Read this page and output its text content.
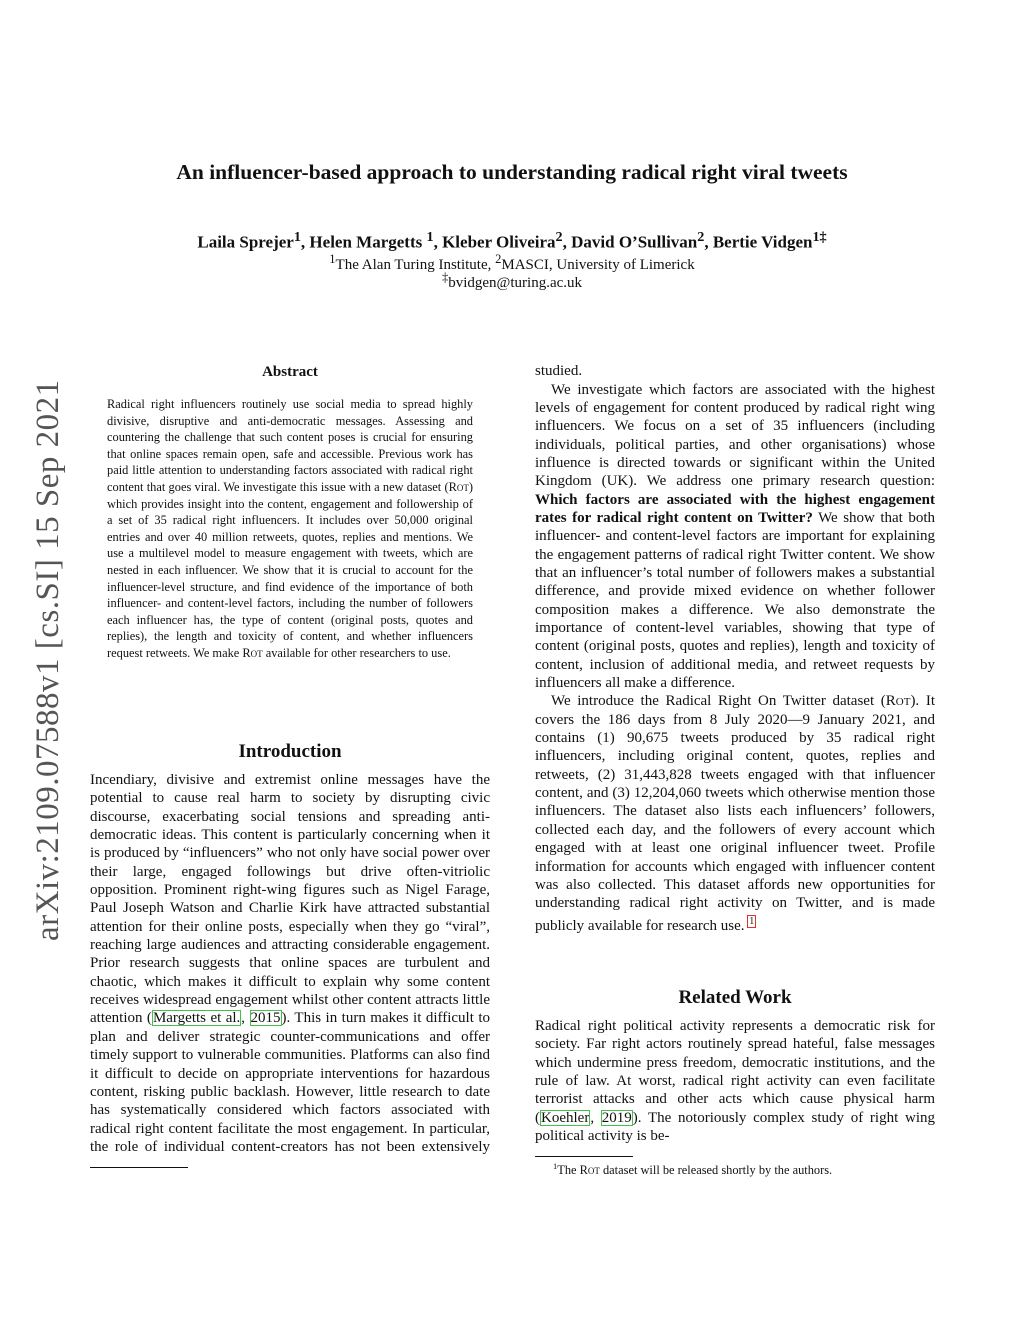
arXiv:2109.07588v1 [cs.SI] 15 Sep 2021
An influencer-based approach to understanding radical right viral tweets
Laila Sprejer$^1$, Helen Margetts $^1$, Kleber Oliveira$^2$, David O’Sullivan$^2$, Bertie Vidgen$^{1\ddagger}$
$^1$The Alan Turing Institute, $^2$MASCI, University of Limerick
‡bvidgen@turing.ac.uk
Abstract

Radical right influencers routinely use social media to spread highly divisive, disruptive and anti-democratic messages. Assessing and countering the challenge that such content poses is crucial for ensuring that online spaces remain open, safe and accessible. Previous work has paid little attention to understanding factors associated with radical right content that goes viral. We investigate this issue with a new dataset (Rot) which provides insight into the content, engagement and followership of a set of 35 radical right influencers. It includes over 50,000 original entries and over 40 million retweets, quotes, replies and mentions. We use a multilevel model to measure engagement with tweets, which are nested in each influencer. We show that it is crucial to account for the influencer-level structure, and find evidence of the importance of both influencer- and content-level factors, including the number of followers each influencer has, the type of content (original posts, quotes and replies), the length and toxicity of content, and whether influencers request retweets. We make Rot available for other researchers to use.

Introduction

Incendiary, divisive and extremist online messages have the potential to cause real harm to society by disrupting civic discourse, exacerbating social tensions and spreading anti-democratic ideas. This content is particularly concerning when it is produced by “influencers” who not only have social power over their large, engaged followings but drive often-vitriolic opposition. Prominent right-wing figures such as Nigel Farage, Paul Joseph Watson and Charlie Kirk have attracted substantial attention for their online posts, especially when they go “viral”, reaching large audiences and attracting considerable engagement. Prior research suggests that online spaces are turbulent and chaotic, which makes it difficult to explain why some content receives widespread engagement whilst other content attracts little attention (Margetts et al., 2015). This in turn makes it difficult to plan and deliver strategic counter-communications and offer timely support to vulnerable communities. Platforms can also find it difficult to decide on appropriate interventions for hazardous content, risking public backlash. However, little research to date has systematically considered which factors associated with radical right content facilitate the most engagement. In particular, the role of individual content-creators has not been extensively

studied.
We investigate which factors are associated with the highest levels of engagement for content produced by radical right wing influencers. We focus on a set of 35 influencers (including individuals, political parties, and other organisations) whose influence is directed towards or significant within the United Kingdom (UK). We address one primary research question: Which factors are associated with the highest engagement rates for radical right content on Twitter? We show that both influencer- and content-level factors are important for explaining the engagement patterns of radical right Twitter content. We show that an influencer’s total number of followers makes a substantial difference, and provide mixed evidence on whether follower composition makes a difference. We also demonstrate the importance of content-level variables, showing that type of content (original posts, quotes and replies), length and toxicity of content, inclusion of additional media, and retweet requests by influencers all make a difference.
We introduce the Radical Right On Twitter dataset (Rot). It covers the 186 days from 8 July 2020—9 January 2021, and contains (1) 90,675 tweets produced by 35 radical right influencers, including original content, quotes, replies and retweets, (2) 31,443,828 tweets engaged with that influencer content, and (3) 12,204,060 tweets which otherwise mention those influencers. The dataset also lists each influencers’ followers, collected each day, and the followers of every account which engaged with at least one original influencer tweet. Profile information for accounts which engaged with influencer content was also collected. This dataset affords new opportunities for understanding radical right activity on Twitter, and is made publicly available for research use. $^1$

Related Work

Radical right political activity represents a democratic risk for society. Far right actors routinely spread hateful, false messages which undermine press freedom, democratic institutions, and the rule of law. At worst, radical right activity can even facilitate terrorist attacks and other acts which cause physical harm (Koehler, 2019). The notoriously complex study of right wing political activity is be-

$^1$The Rot dataset will be released shortly by the authors.
